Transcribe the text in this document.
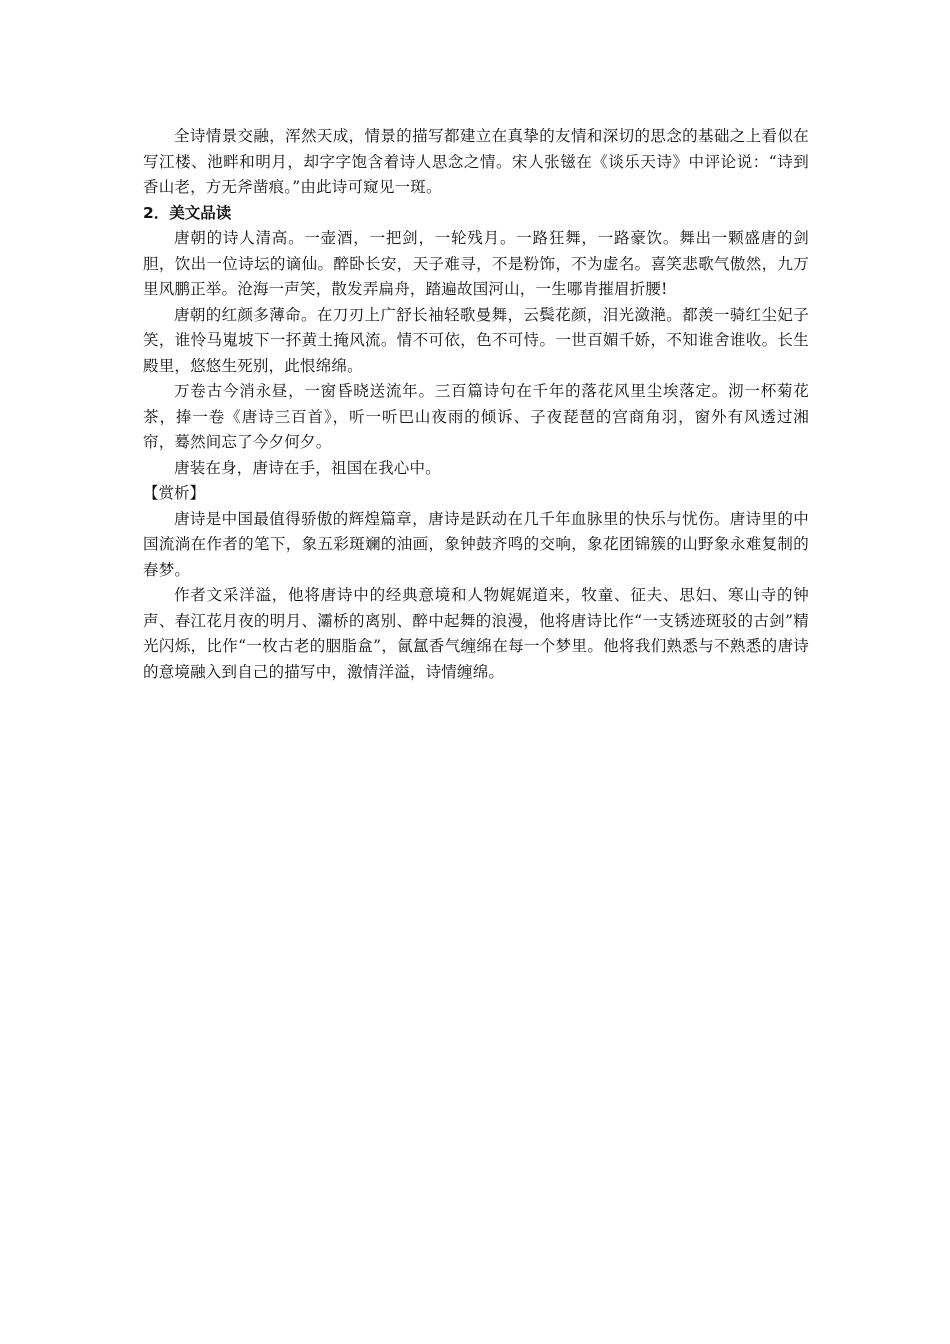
全诗情景交融，浑然天成，情景的描写都建立在真挚的友情和深切的思念的基础之上看似在写江楼、池畔和明月，却字字饱含着诗人思念之情。宋人张镃在《谈乐天诗》中评论说：“诗到香山老，方无斧凿痕。”由此诗可窥见一斑。

2．美文品读

唐朝的诗人清高。一壶酒，一把剑，一轮残月。一路狂舞，一路豪饮。舞出一颗盛唐的剑胆，饮出一位诗坛的谪仙。醉卧长安，天子难寻，不是粉饰，不为虚名。喜笑悲歌气傲然，九万里风鹏正举。沧海一声笑，散发弄扁舟，踏遍故国河山，一生哪肯摧眉折腰!

唐朝的红颜多薄命。在刀刃上广舒长袖轻歌曼舞，云鬓花颜，泪光潋滟。都羡一骑红尘妃子笑，谁怜马嵬坡下一抔黄土掩风流。情不可依，色不可恃。一世百媚千娇，不知谁舍谁收。长生殿里，悠悠生死别，此恨绵绵。

万卷古今消永昼，一窗昏晓送流年。三百篇诗句在千年的落花风里尘埃落定。沏一杯菊花茶，捧一卷《唐诗三百首》，听一听巴山夜雨的倾诉、子夜琵琶的宫商角羽，窗外有风透过湘帘，蓦然间忘了今夕何夕。

唐装在身，唐诗在手，祖国在我心中。

【赏析】

唐诗是中国最值得骄傲的辉煌篇章，唐诗是跃动在几千年血脉里的快乐与忧伤。唐诗里的中国流淌在作者的笔下，象五彩斑斓的油画，象钟鼓齐鸣的交响，象花团锦簇的山野象永难复制的春梦。

作者文采洋溢，他将唐诗中的经典意境和人物娓娓道来，牧童、征夫、思妇、寒山寺的钟声、春江花月夜的明月、灞桥的离别、醉中起舞的浪漫，他将唐诗比作“一支锈迹斑驳的古剑”精光闪烁，比作“一枚古老的胭脂盒”，氤氲香气缠绵在每一个梦里。他将我们熟悉与不熟悉的唐诗的意境融入到自己的描写中，激情洋溢，诗情缠绵。
